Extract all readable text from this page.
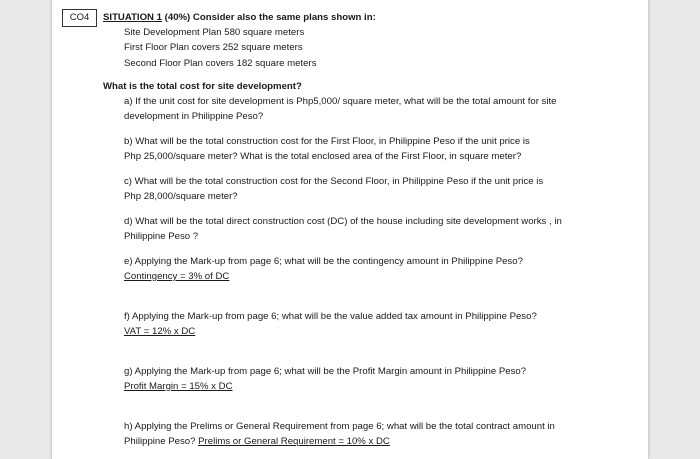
CO4	SITUATION 1 (40%) Consider also the same plans shown in:
Site Development Plan 580 square meters
First Floor Plan covers 252 square meters
Second Floor Plan covers 182 square meters
What is the total cost for site development?
a) If the unit cost for site development is Php5,000/ square meter, what will be the total amount for site
development in Philippine Peso?
b) What will be the total construction cost for the First Floor, in Philippine Peso if the unit price is
Php 25,000/square meter? What is the total enclosed area of the First Floor, in square meter?
c) What will be the total construction cost for the Second Floor, in Philippine Peso if the unit price is
Php 28,000/square meter?
d) What will be the total direct construction cost (DC) of the house including site development works , in
Philippine Peso ?
e) Applying the Mark-up from page 6; what will be the contingency amount in Philippine Peso?
Contingency = 3% of DC
f) Applying the Mark-up from page 6; what will be the value added tax amount in Philippine Peso?
VAT = 12% x DC
g) Applying the Mark-up from page 6; what will be the Profit Margin amount in Philippine Peso?
Profit Margin = 15% x DC
h) Applying the Prelims or General Requirement from page 6; what will be the total contract amount in
Philippine Peso? Prelims or General Requirement = 10% x DC
